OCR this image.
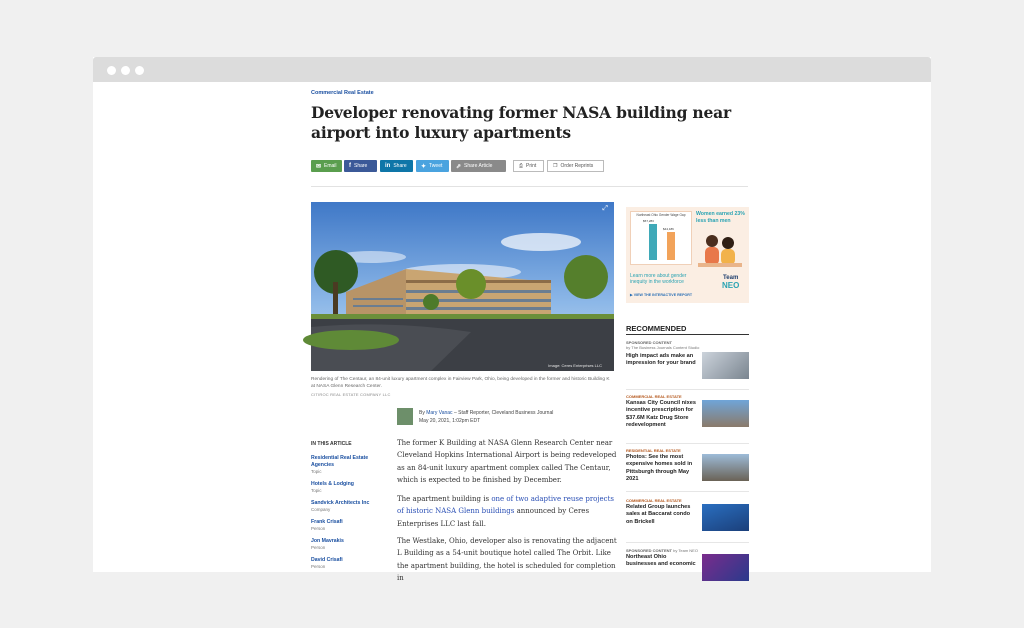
Commercial Real Estate
Developer renovating former NASA building near airport into luxury apartments
✉ Email f Share	in Share ✦ Tweet ⇗ Share Article	⎙ Print	❐ Order Reprints
⤢
Image: Ceres Enterprises LLC
Rendering of The Centaur, an 84-unit luxury apartment complex in Fairview Park, Ohio, being developed in the former and historic Building K at NASA Glenn Research Center.
CITIROC REAL ESTATE COMPANY LLC
By Mary Vanac – Staff Reporter, Cleveland Business Journal
May 20, 2021, 1:02pm EDT
IN THIS ARTICLE
Residential Real Estate Agencies
Topic
Hotels & Lodging
Topic
Sandvick Architects Inc
Company
Frank Crisafi
Person
Jon Mavrakis
Person
David Crisafi
Person
The former K Building at NASA Glenn Research Center near Cleveland Hopkins International Airport is being redeveloped as an 84-unit luxury apartment complex called The Centaur, which is expected to be finished by December.
The apartment building is one of two adaptive reuse projects of historic NASA Glenn buildings announced by Ceres Enterprises LLC last fall.
The Westlake, Ohio, developer also is renovating the adjacent L Building as a 54-unit boutique hotel called The Orbit. Like the apartment building, the hotel is scheduled for completion in
Northeast Ohio Gender Wage Gap
$57,283
$44,186
Women earned 23% less than men
Learn more about gender inequity in the workforce
▶ VIEW THE INTERACTIVE REPORT
Team
NEO
RECOMMENDED
SPONSORED CONTENT
by The Business Journals Content Studio
High impact ads make an impression for your brand
COMMERCIAL REAL ESTATE
Kansas City Council nixes incentive prescription for $37.6M Katz Drug Store redevelopment
RESIDENTIAL REAL ESTATE
Photos: See the most expensive homes sold in Pittsburgh through May 2021
COMMERCIAL REAL ESTATE
Related Group launches sales at Baccarat condo on Brickell
SPONSORED CONTENT by Team NEO
Northeast Ohio businesses and economic
